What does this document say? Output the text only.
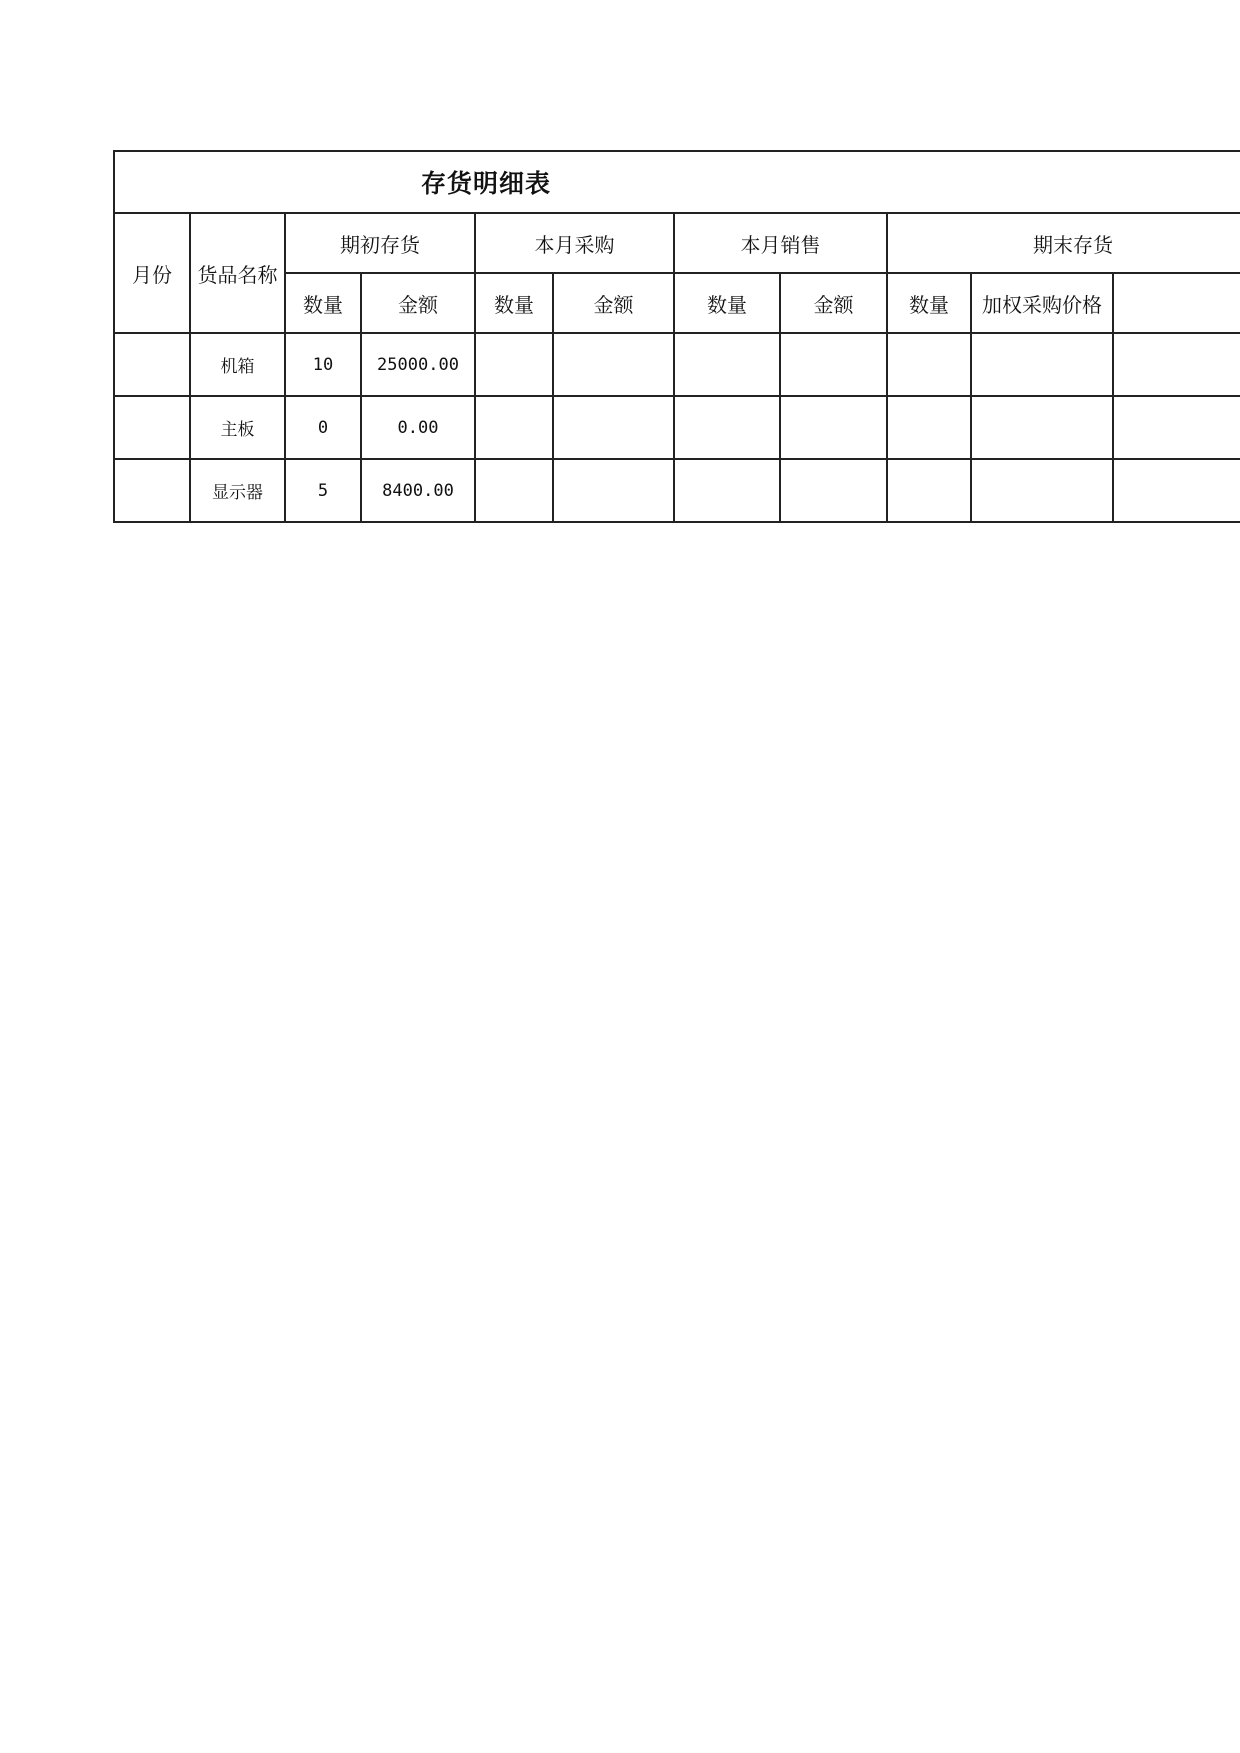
存货明细表										
月份	货品名称	期初存货		本月采购		本月销售		期末存货		
		数量	金额	数量	金额	数量	金额	数量	加权采购价格	
	机箱	10	25000.00							
	主板	0	0.00							
	显示器	5	8400.00							
